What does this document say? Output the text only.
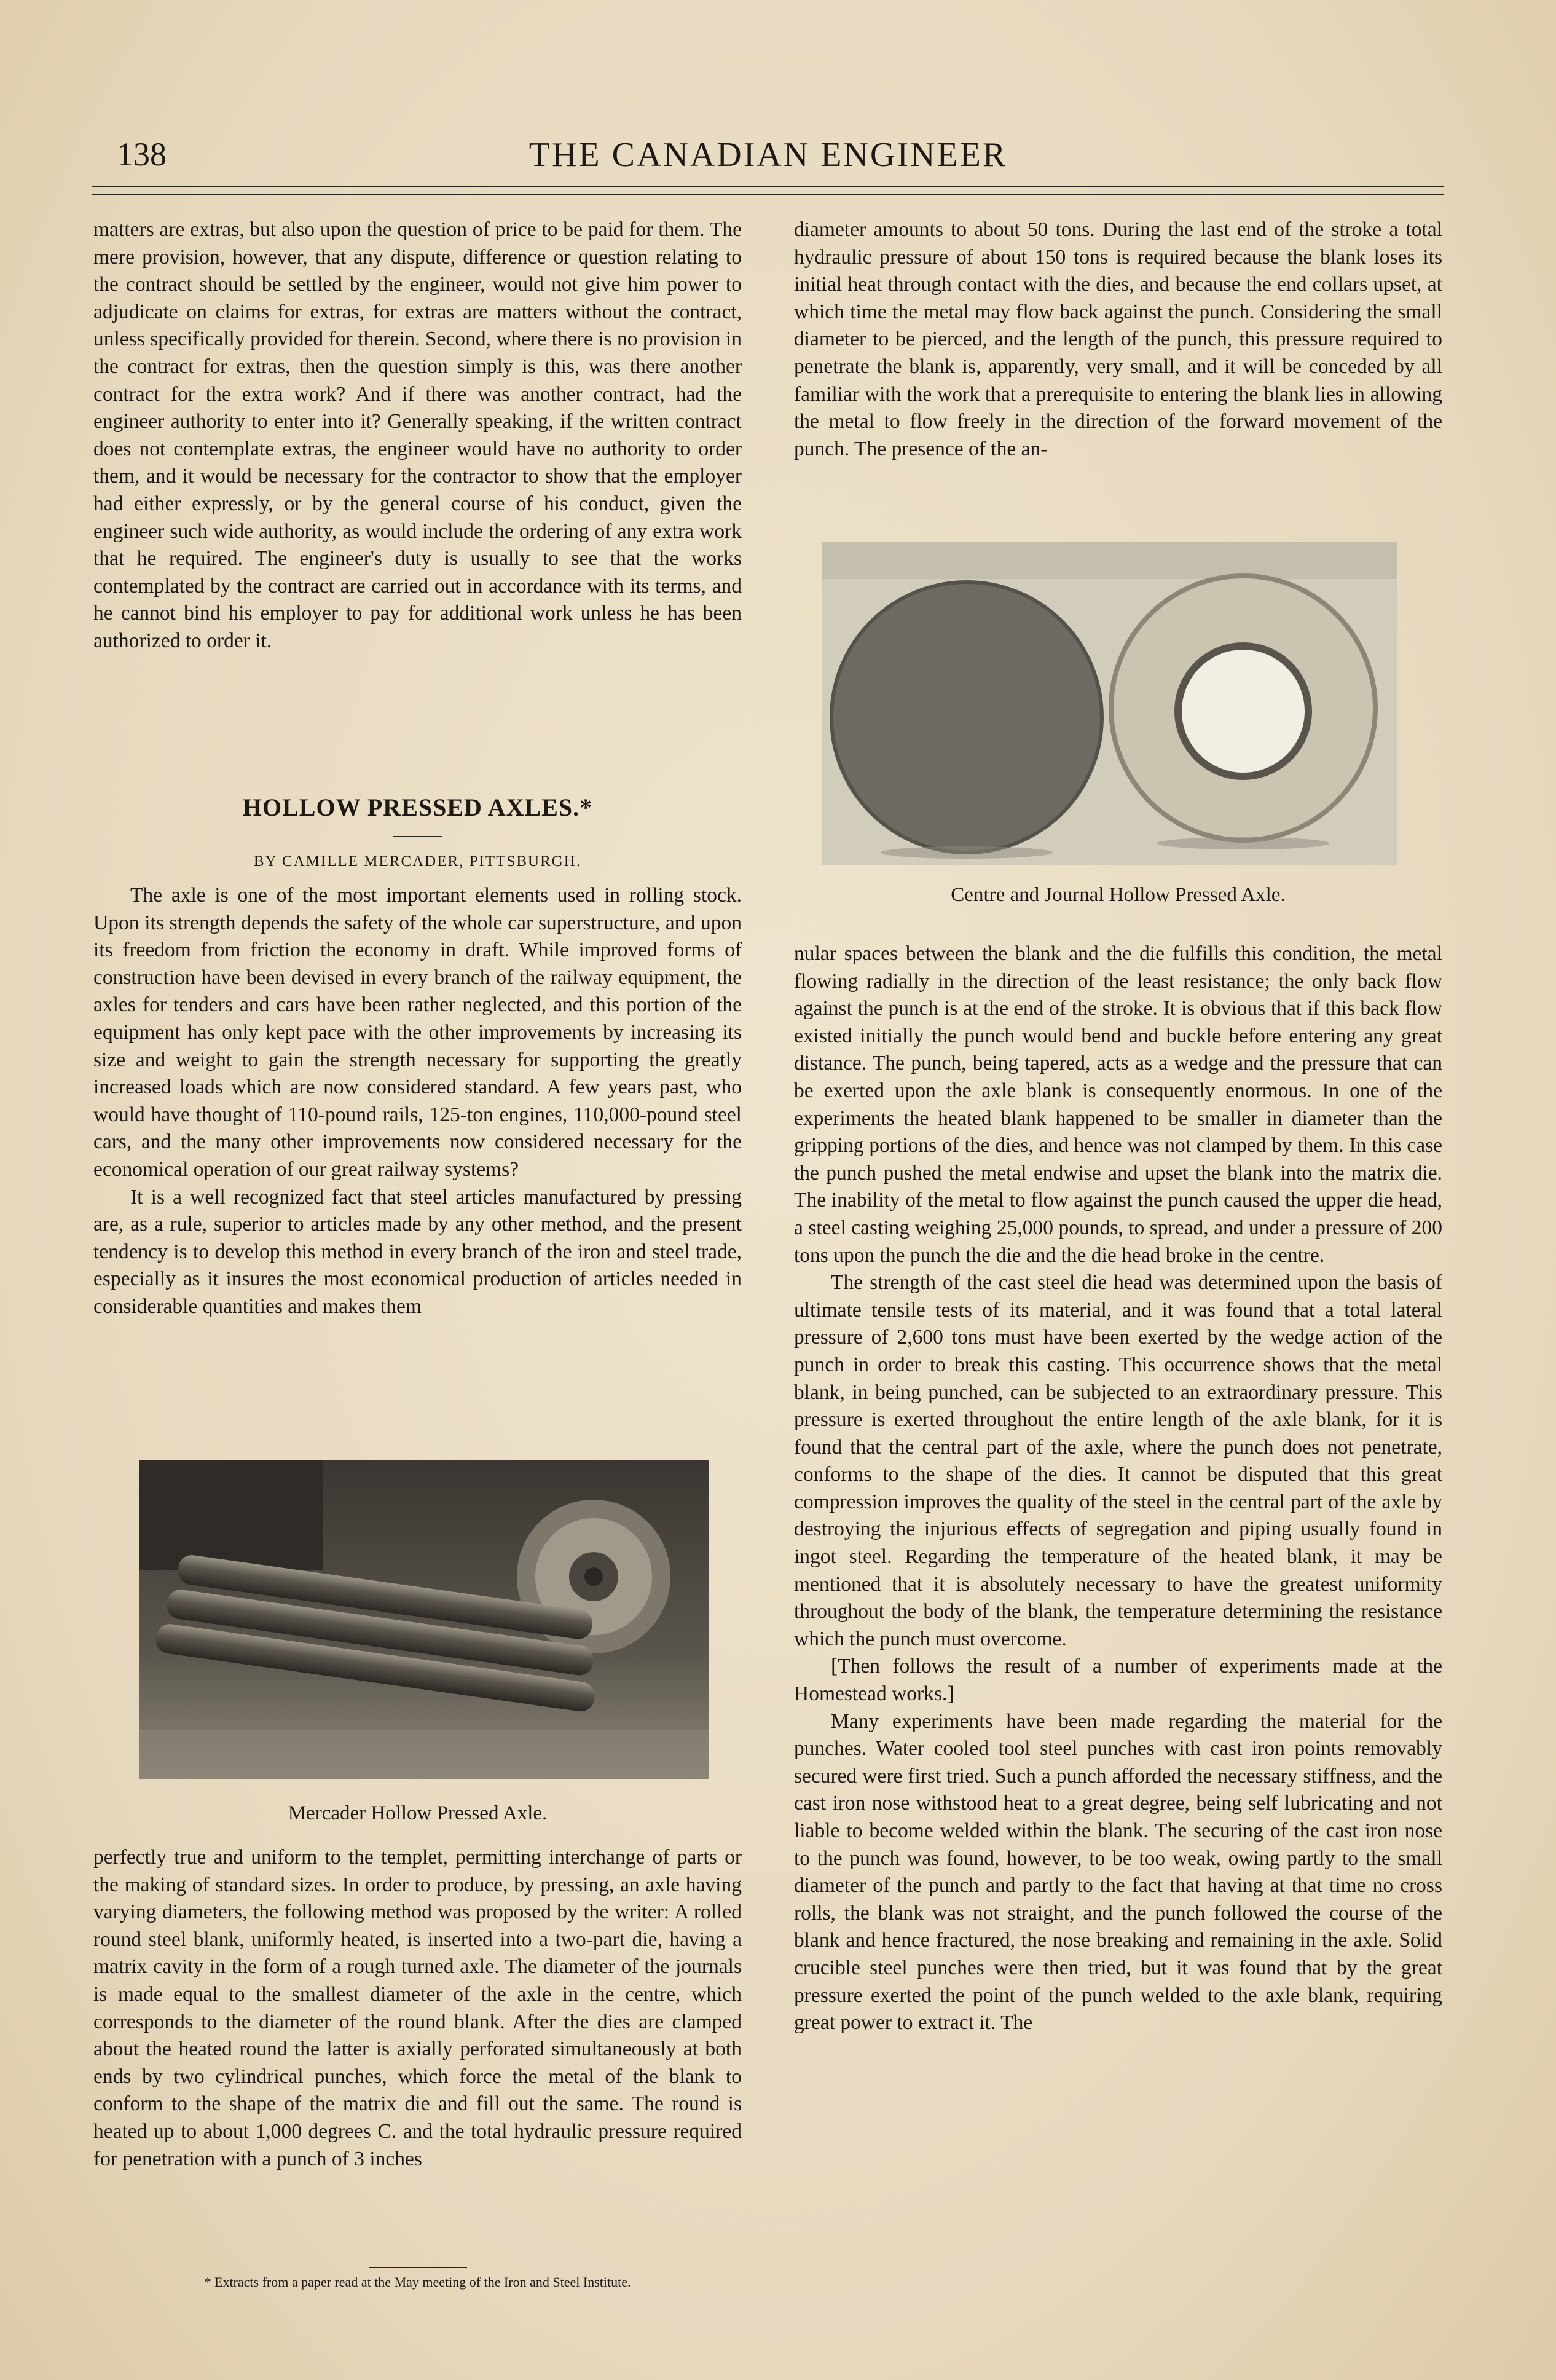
138	THE CANADIAN ENGINEER

matters are extras, but also upon the question of price to be paid for them. The mere provision, however, that any dispute, difference or question relating to the contract should be settled by the engineer, would not give him power to adjudicate on claims for extras, for extras are matters without the contract, unless specifically provided for therein. Second, where there is no provision in the contract for extras, then the question simply is this, was there another contract for the extra work? And if there was another contract, had the engineer authority to enter into it? Generally speaking, if the written contract does not contemplate extras, the engineer would have no authority to order them, and it would be necessary for the contractor to show that the employer had either expressly, or by the general course of his conduct, given the engineer such wide authority, as would include the ordering of any extra work that he required. The engineer's duty is usually to see that the works contemplated by the contract are carried out in accordance with its terms, and he cannot bind his employer to pay for additional work unless he has been authorized to order it.

HOLLOW PRESSED AXLES.*
BY CAMILLE MERCADER, PITTSBURGH.

The axle is one of the most important elements used in rolling stock. Upon its strength depends the safety of the whole car superstructure, and upon its freedom from friction the economy in draft. While improved forms of construction have been devised in every branch of the railway equipment, the axles for tenders and cars have been rather neglected, and this portion of the equipment has only kept pace with the other improvements by increasing its size and weight to gain the strength necessary for supporting the greatly increased loads which are now considered standard. A few years past, who would have thought of 110-pound rails, 125-ton engines, 110,000-pound steel cars, and the many other improvements now considered necessary for the economical operation of our great railway systems?

It is a well recognized fact that steel articles manufactured by pressing are, as a rule, superior to articles made by any other method, and the present tendency is to develop this method in every branch of the iron and steel trade, especially as it insures the most economical production of articles needed in considerable quantities and makes them

Mercader Hollow Pressed Axle.

perfectly true and uniform to the templet, permitting interchange of parts or the making of standard sizes. In order to produce, by pressing, an axle having varying diameters, the following method was proposed by the writer: A rolled round steel blank, uniformly heated, is inserted into a two-part die, having a matrix cavity in the form of a rough turned axle. The diameter of the journals is made equal to the smallest diameter of the axle in the centre, which corresponds to the diameter of the round blank. After the dies are clamped about the heated round the latter is axially perforated simultaneously at both ends by two cylindrical punches, which force the metal of the blank to conform to the shape of the matrix die and fill out the same. The round is heated up to about 1,000 degrees C. and the total hydraulic pressure required for penetration with a punch of 3 inches

* Extracts from a paper read at the May meeting of the Iron and Steel Institute.

diameter amounts to about 50 tons. During the last end of the stroke a total hydraulic pressure of about 150 tons is required because the blank loses its initial heat through contact with the dies, and because the end collars upset, at which time the metal may flow back against the punch. Considering the small diameter to be pierced, and the length of the punch, this pressure required to penetrate the blank is, apparently, very small, and it will be conceded by all familiar with the work that a prerequisite to entering the blank lies in allowing the metal to flow freely in the direction of the forward movement of the punch. The presence of the an-

Centre and Journal Hollow Pressed Axle.

nular spaces between the blank and the die fulfills this condition, the metal flowing radially in the direction of the least resistance; the only back flow against the punch is at the end of the stroke. It is obvious that if this back flow existed initially the punch would bend and buckle before entering any great distance. The punch, being tapered, acts as a wedge and the pressure that can be exerted upon the axle blank is consequently enormous. In one of the experiments the heated blank happened to be smaller in diameter than the gripping portions of the dies, and hence was not clamped by them. In this case the punch pushed the metal endwise and upset the blank into the matrix die. The inability of the metal to flow against the punch caused the upper die head, a steel casting weighing 25,000 pounds, to spread, and under a pressure of 200 tons upon the punch the die and the die head broke in the centre.

The strength of the cast steel die head was determined upon the basis of ultimate tensile tests of its material, and it was found that a total lateral pressure of 2,600 tons must have been exerted by the wedge action of the punch in order to break this casting. This occurrence shows that the metal blank, in being punched, can be subjected to an extraordinary pressure. This pressure is exerted throughout the entire length of the axle blank, for it is found that the central part of the axle, where the punch does not penetrate, conforms to the shape of the dies. It cannot be disputed that this great compression improves the quality of the steel in the central part of the axle by destroying the injurious effects of segregation and piping usually found in ingot steel. Regarding the temperature of the heated blank, it may be mentioned that it is absolutely necessary to have the greatest uniformity throughout the body of the blank, the temperature determining the resistance which the punch must overcome.

[Then follows the result of a number of experiments made at the Homestead works.]

Many experiments have been made regarding the material for the punches. Water cooled tool steel punches with cast iron points removably secured were first tried. Such a punch afforded the necessary stiffness, and the cast iron nose withstood heat to a great degree, being self lubricating and not liable to become welded within the blank. The securing of the cast iron nose to the punch was found, however, to be too weak, owing partly to the small diameter of the punch and partly to the fact that having at that time no cross rolls, the blank was not straight, and the punch followed the course of the blank and hence fractured, the nose breaking and remaining in the axle. Solid crucible steel punches were then tried, but it was found that by the great pressure exerted the point of the punch welded to the axle blank, requiring great power to extract it. The
